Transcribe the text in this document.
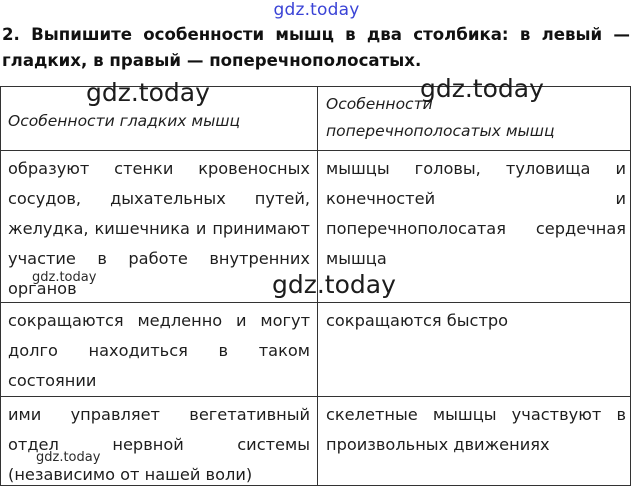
gdz.today
2. Выпишите особенности мышц в два столбика: в левый — гладких, в правый — поперечнополосатых.
Особенности гладких мышц
Особенности поперечнополосатых мышц
образуют стенки кровеносных сосудов, дыхательных путей, желудка, кишечника и принимают участие в работе внутренних органов
мышцы головы, туловища и конечностей и поперечнополосатая сердечная мышца
сокращаются медленно и могут долго находиться в таком состоянии
сокращаются быстро
ими управляет вегетативный отдел нервной системы (независимо от нашей воли)
скелетные мышцы участвуют в произвольных движениях
gdz.today	gdz.today
gdz.today
gdz.today
gdz.today
